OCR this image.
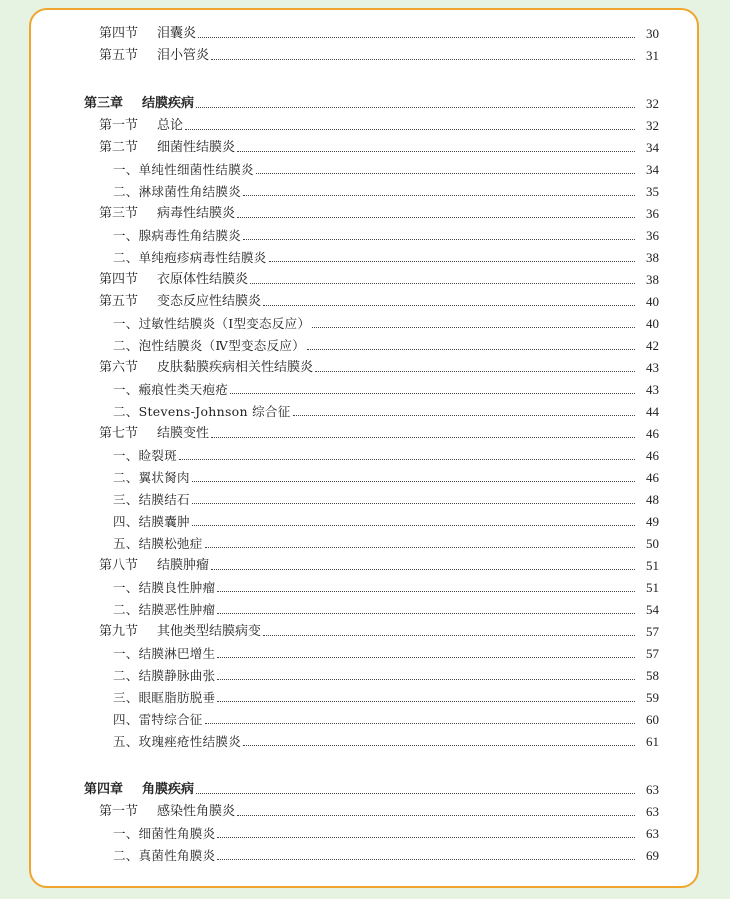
第四节 泪囊炎	30
第五节 泪小管炎	31
第三章 结膜疾病	32
第一节 总论	32
第二节 细菌性结膜炎	34
一、单纯性细菌性结膜炎	34
二、淋球菌性角结膜炎	35
第三节 病毒性结膜炎	36
一、腺病毒性角结膜炎	36
二、单纯疱疹病毒性结膜炎	38
第四节 衣原体性结膜炎	38
第五节 变态反应性结膜炎	40
一、过敏性结膜炎（Ⅰ型变态反应）	40
二、泡性结膜炎（Ⅳ型变态反应）	42
第六节 皮肤黏膜疾病相关性结膜炎	43
一、瘢痕性类天疱疮	43
二、Stevens-Johnson 综合征	44
第七节 结膜变性	46
一、睑裂斑	46
二、翼状胬肉	46
三、结膜结石	48
四、结膜囊肿	49
五、结膜松弛症	50
第八节 结膜肿瘤	51
一、结膜良性肿瘤	51
二、结膜恶性肿瘤	54
第九节 其他类型结膜病变	57
一、结膜淋巴增生	57
二、结膜静脉曲张	58
三、眼眶脂肪脱垂	59
四、雷特综合征	60
五、玫瑰痤疮性结膜炎	61
第四章 角膜疾病	63
第一节 感染性角膜炎	63
一、细菌性角膜炎	63
二、真菌性角膜炎	69
